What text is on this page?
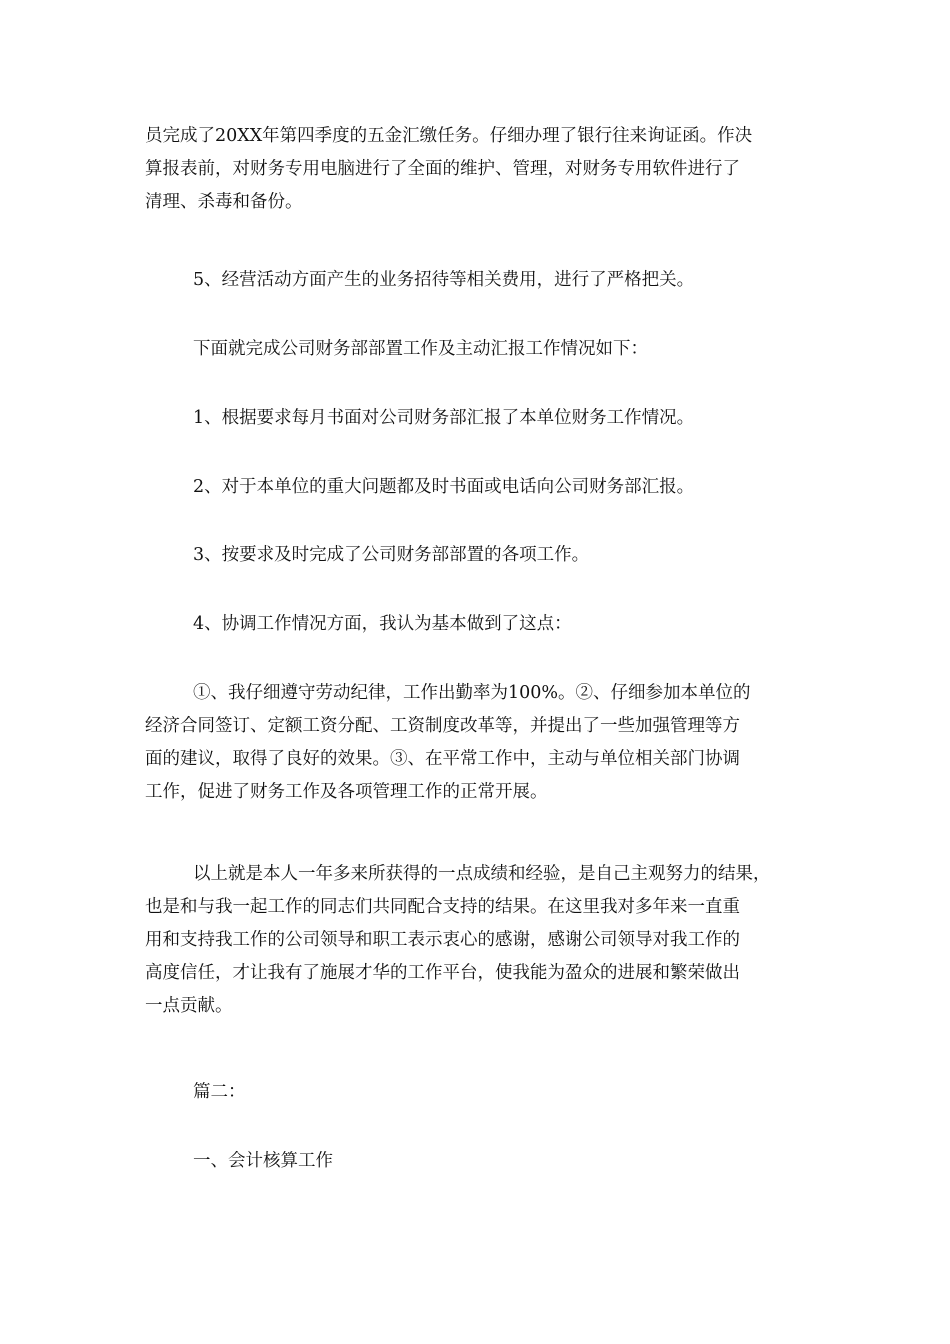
员完成了20XX年第四季度的五金汇缴任务。仔细办理了银行往来询证函。作决
算报表前，对财务专用电脑进行了全面的维护、管理，对财务专用软件进行了
清理、杀毒和备份。

5、经营活动方面产生的业务招待等相关费用，进行了严格把关。

下面就完成公司财务部部置工作及主动汇报工作情况如下：

1、根据要求每月书面对公司财务部汇报了本单位财务工作情况。

2、对于本单位的重大问题都及时书面或电话向公司财务部汇报。

3、按要求及时完成了公司财务部部置的各项工作。

4、协调工作情况方面，我认为基本做到了这点：

①、我仔细遵守劳动纪律，工作出勤率为100%。②、仔细参加本单位的
经济合同签订、定额工资分配、工资制度改革等，并提出了一些加强管理等方
面的建议，取得了良好的效果。③、在平常工作中，主动与单位相关部门协调
工作，促进了财务工作及各项管理工作的正常开展。

以上就是本人一年多来所获得的一点成绩和经验，是自己主观努力的结果，
也是和与我一起工作的同志们共同配合支持的结果。在这里我对多年来一直重
用和支持我工作的公司领导和职工表示衷心的感谢，感谢公司领导对我工作的
高度信任，才让我有了施展才华的工作平台，使我能为盈众的进展和繁荣做出
一点贡献。

篇二：

一、会计核算工作
